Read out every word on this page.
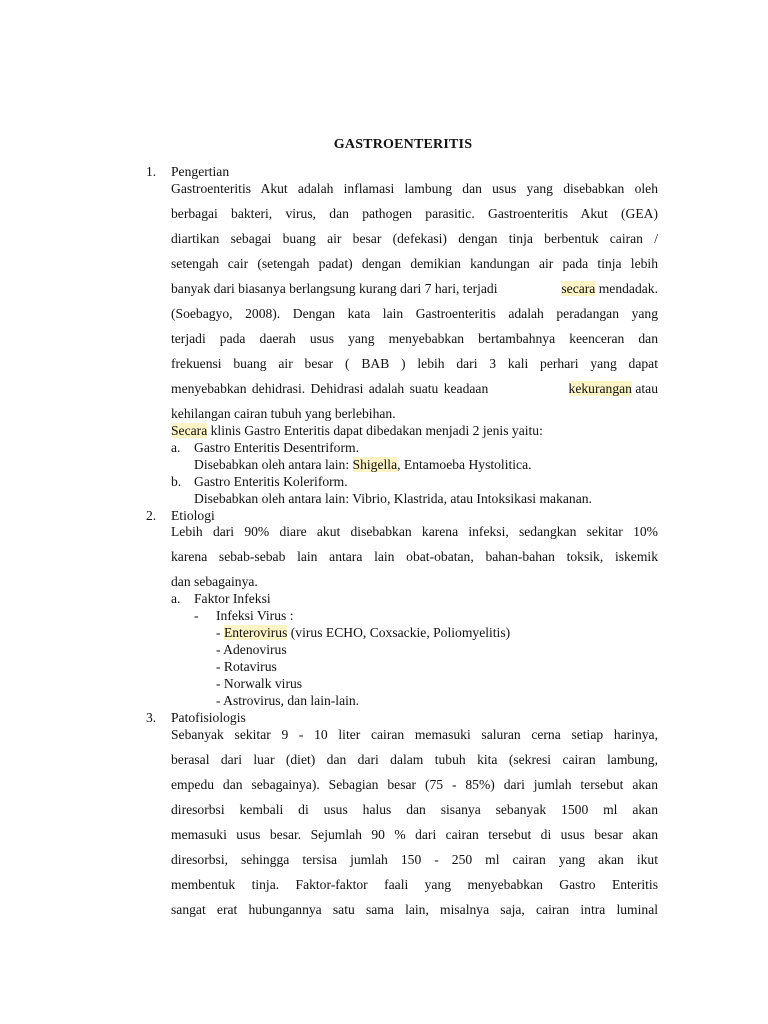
GASTROENTERITIS
1. Pengertian
Gastroenteritis Akut adalah inflamasi lambung dan usus yang disebabkan oleh
berbagai bakteri, virus, dan pathogen parasitic. Gastroenteritis Akut (GEA)
diartikan sebagai buang air besar (defekasi) dengan tinja berbentuk cairan /
setengah cair (setengah padat) dengan demikian kandungan air pada tinja lebih
banyak dari biasanya berlangsung kurang dari 7 hari, terjadi	secara mendadak.
(Soebagyo, 2008). Dengan kata lain Gastroenteritis adalah peradangan yang
terjadi pada daerah usus yang menyebabkan bertambahnya keenceran dan
frekuensi buang air besar ( BAB ) lebih dari 3 kali perhari yang dapat
menyebabkan dehidrasi. Dehidrasi adalah suatu keadaan	kekurangan atau
kehilangan cairan tubuh yang berlebihan.
Secara klinis Gastro Enteritis dapat dibedakan menjadi 2 jenis yaitu:
a. Gastro Enteritis Desentriform.
Disebabkan oleh antara lain: Shigella, Entamoeba Hystolitica.
b. Gastro Enteritis Koleriform.
Disebabkan oleh antara lain: Vibrio, Klastrida, atau Intoksikasi makanan.
2. Etiologi
Lebih dari 90% diare akut disebabkan karena infeksi, sedangkan sekitar 10%
karena sebab-sebab lain antara lain obat-obatan, bahan-bahan toksik, iskemik
dan sebagainya.
a. Faktor Infeksi
- Infeksi Virus :
- Enterovirus (virus ECHO, Coxsackie, Poliomyelitis)
- Adenovirus
- Rotavirus
- Norwalk virus
- Astrovirus, dan lain-lain.
3. Patofisiologis
Sebanyak sekitar 9 - 10 liter cairan memasuki saluran cerna setiap harinya,
berasal dari luar (diet) dan dari dalam tubuh kita (sekresi cairan lambung,
empedu dan sebagainya). Sebagian besar (75 - 85%) dari jumlah tersebut akan
diresorbsi kembali di usus halus dan sisanya sebanyak 1500 ml akan
memasuki usus besar. Sejumlah 90 % dari cairan tersebut di usus besar akan
diresorbsi, sehingga tersisa jumlah 150 - 250 ml cairan yang akan ikut
membentuk tinja. Faktor-faktor faali yang menyebabkan Gastro Enteritis
sangat erat hubungannya satu sama lain, misalnya saja, cairan intra luminal
